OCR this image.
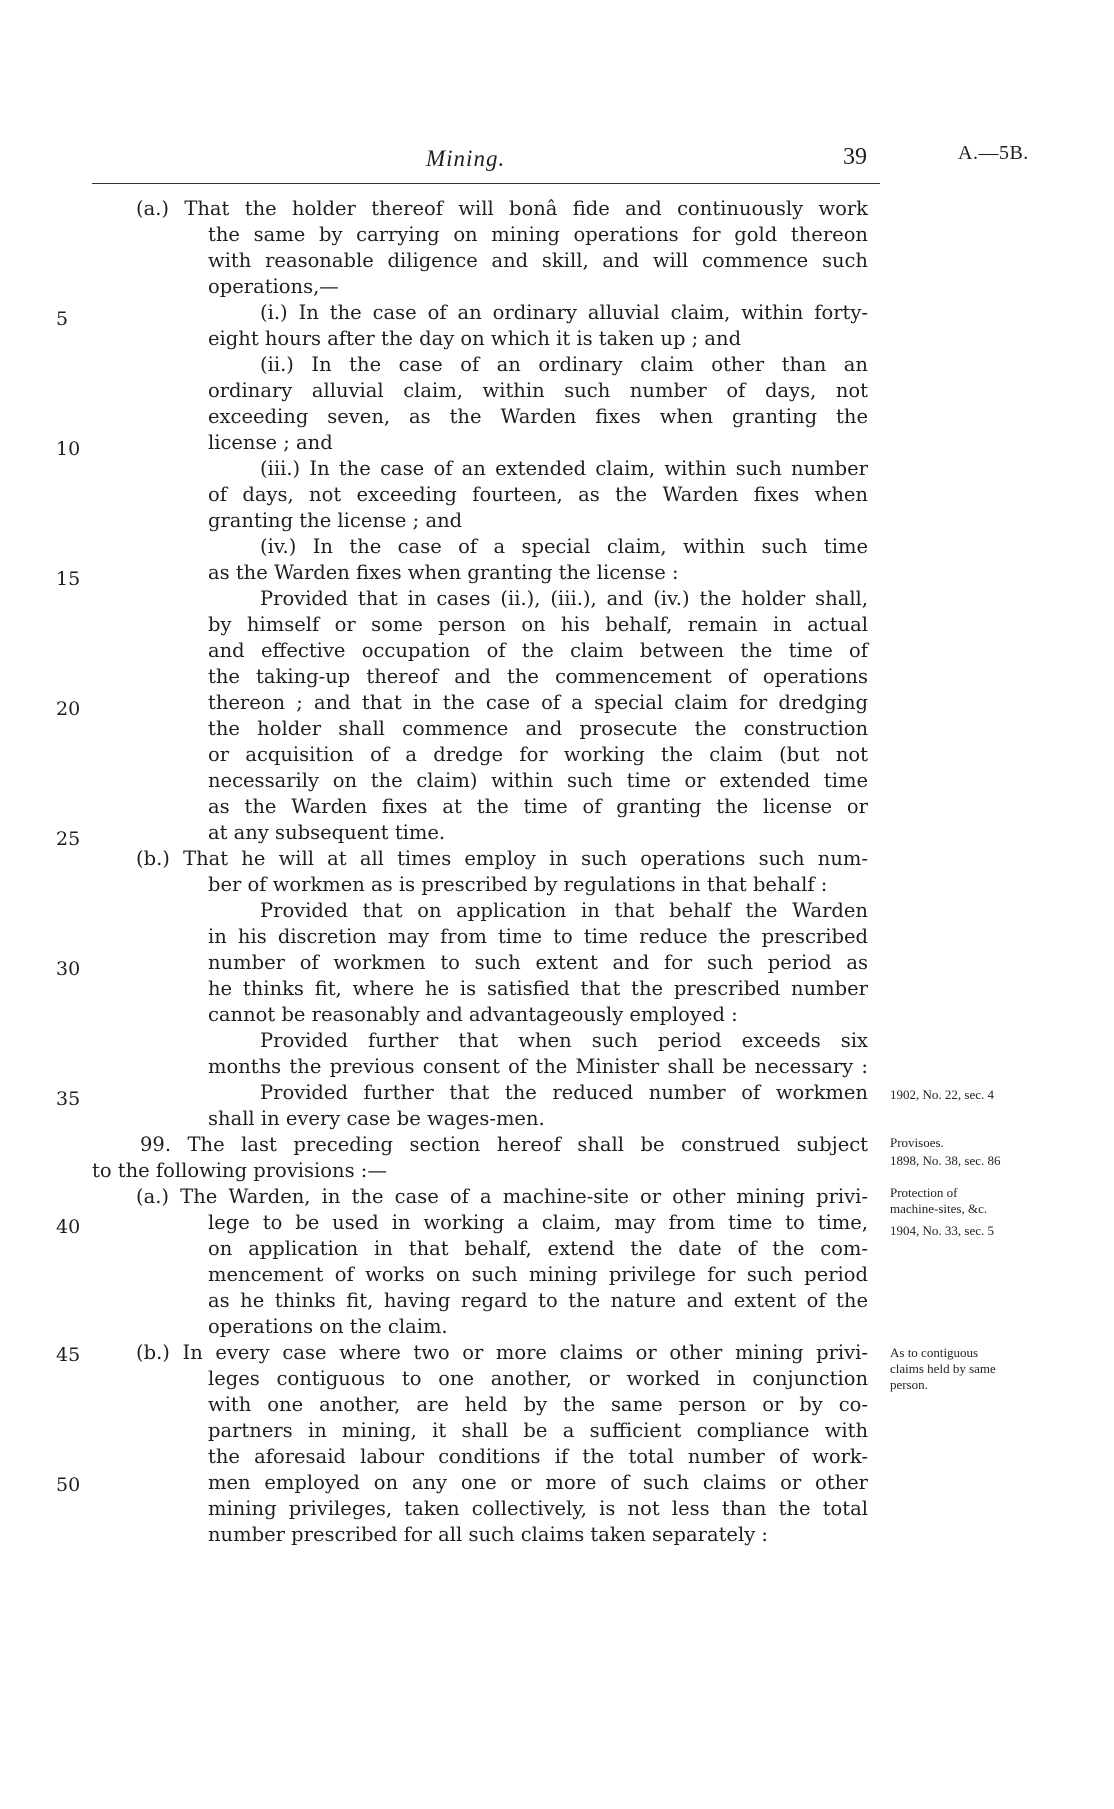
Mining.	39	A.—5B.
5
10
15
20
25
30
35
40
45
50
(a.) That the holder thereof will bonâ fide and continuously work
the same by carrying on mining operations for gold thereon
with reasonable diligence and skill, and will commence such
operations,—
(i.) In the case of an ordinary alluvial claim, within forty-
eight hours after the day on which it is taken up ; and
(ii.) In the case of an ordinary claim other than an
ordinary alluvial claim, within such number of days, not
exceeding seven, as the Warden fixes when granting the
license ; and
(iii.) In the case of an extended claim, within such number
of days, not exceeding fourteen, as the Warden fixes when
granting the license ; and
(iv.) In the case of a special claim, within such time
as the Warden fixes when granting the license :
Provided that in cases (ii.), (iii.), and (iv.) the holder shall,
by himself or some person on his behalf, remain in actual
and effective occupation of the claim between the time of
the taking-up thereof and the commencement of operations
thereon ; and that in the case of a special claim for dredging
the holder shall commence and prosecute the construction
or acquisition of a dredge for working the claim (but not
necessarily on the claim) within such time or extended time
as the Warden fixes at the time of granting the license or
at any subsequent time.
(b.) That he will at all times employ in such operations such num-
ber of workmen as is prescribed by regulations in that behalf :
Provided that on application in that behalf the Warden
in his discretion may from time to time reduce the prescribed
number of workmen to such extent and for such period as
he thinks fit, where he is satisfied that the prescribed number
cannot be reasonably and advantageously employed :
Provided further that when such period exceeds six
months the previous consent of the Minister shall be necessary :
Provided further that the reduced number of workmen
shall in every case be wages-men.
99. The last preceding section hereof shall be construed subject
to the following provisions :—
(a.) The Warden, in the case of a machine-site or other mining privi-
lege to be used in working a claim, may from time to time,
on application in that behalf, extend the date of the com-
mencement of works on such mining privilege for such period
as he thinks fit, having regard to the nature and extent of the
operations on the claim.
(b.) In every case where two or more claims or other mining privi-
leges contiguous to one another, or worked in conjunction
with one another, are held by the same person or by co-
partners in mining, it shall be a sufficient compliance with
the aforesaid labour conditions if the total number of work-
men employed on any one or more of such claims or other
mining privileges, taken collectively, is not less than the total
number prescribed for all such claims taken separately :
1902, No. 22, sec. 4
Provisoes.
1898, No. 38, sec. 86
Protection of
machine-sites, &c.
1904, No. 33, sec. 5
As to contiguous
claims held by same
person.
